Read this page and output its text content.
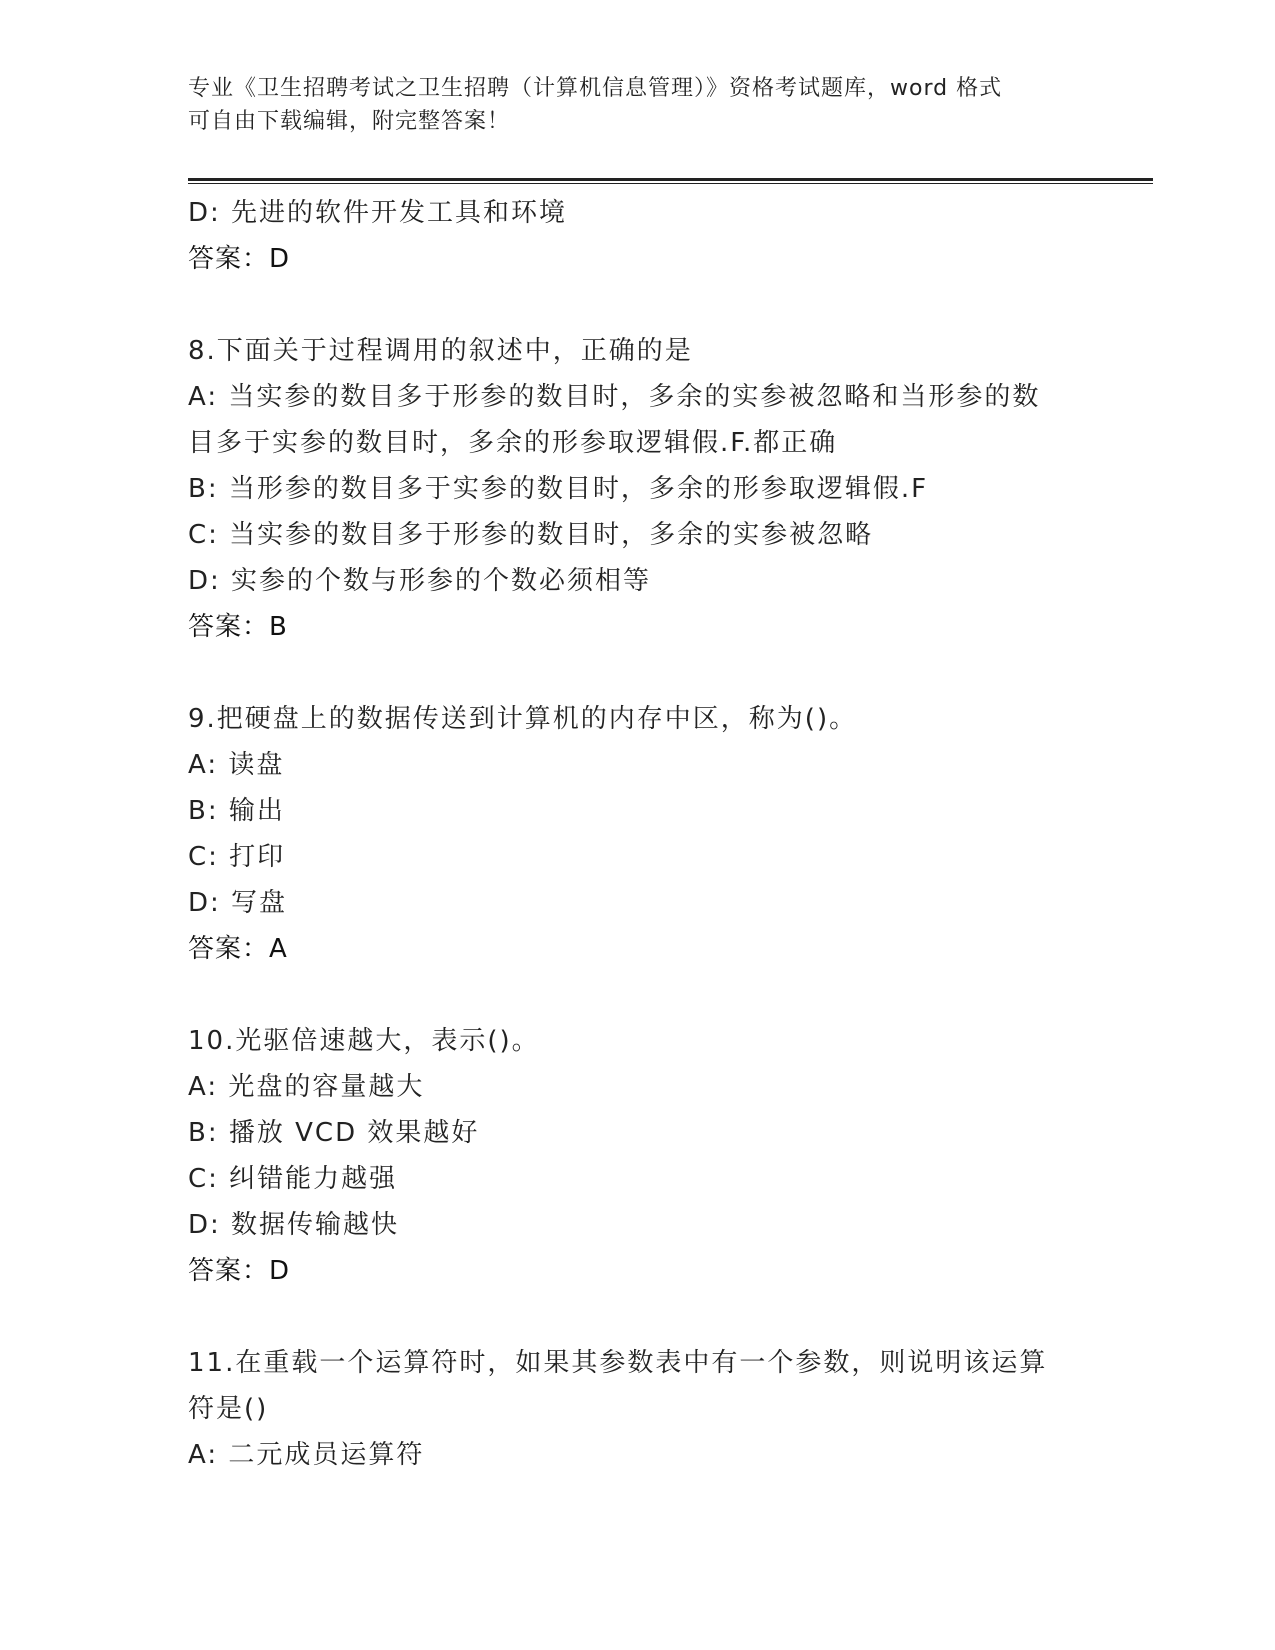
专业《卫生招聘考试之卫生招聘（计算机信息管理）》资格考试题库，word 格式
可自由下载编辑，附完整答案！
D: 先进的软件开发工具和环境
答案：D
8.下面关于过程调用的叙述中，正确的是
A: 当实参的数目多于形参的数目时，多余的实参被忽略和当形参的数
目多于实参的数目时，多余的形参取逻辑假.F.都正确
B: 当形参的数目多于实参的数目时，多余的形参取逻辑假.F
C: 当实参的数目多于形参的数目时，多余的实参被忽略
D: 实参的个数与形参的个数必须相等
答案：B
9.把硬盘上的数据传送到计算机的内存中区，称为()。
A: 读盘
B: 输出
C: 打印
D: 写盘
答案：A
10.光驱倍速越大，表示()。
A: 光盘的容量越大
B: 播放 VCD 效果越好
C: 纠错能力越强
D: 数据传输越快
答案：D
11.在重载一个运算符时，如果其参数表中有一个参数，则说明该运算
符是()
A: 二元成员运算符
